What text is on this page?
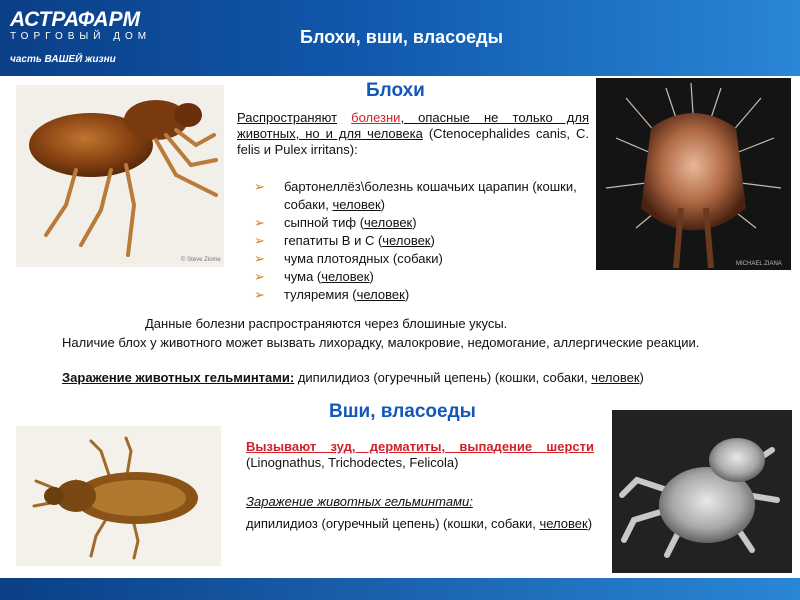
АСТРАФАРМ
ТОРГОВЫЙ ДОМ
часть ВАШЕЙ жизни
Блохи, вши, власоеды
Блохи
© Steve Ziome
MICHAEL ZIANA
Распространяют болезни, опасные не только для животных, но и для человека (Ctenocephalides canis, C. felis и Pulex irritans):
➢ бартонеллёз\болезнь кошачьих царапин (кошки, собаки, человек)
➢ сыпной тиф (человек)
➢ гепатиты В и С (человек)
➢ чума плотоядных (собаки)
➢ чума (человек)
➢ туляремия (человек)
Данные болезни распространяются через блошиные укусы.
Наличие блох у животного может вызвать лихорадку, малокровие, недомогание, аллергические реакции.
Заражение животных гельминтами: дипилидиоз (огуречный цепень) (кошки, собаки, человек)
Вши, власоеды
Вызывают зуд, дерматиты, выпадение шерсти (Linognathus, Trichodectes, Felicola)
Заражение животных гельминтами:
дипилидиоз (огуречный цепень) (кошки, собаки, человек)
